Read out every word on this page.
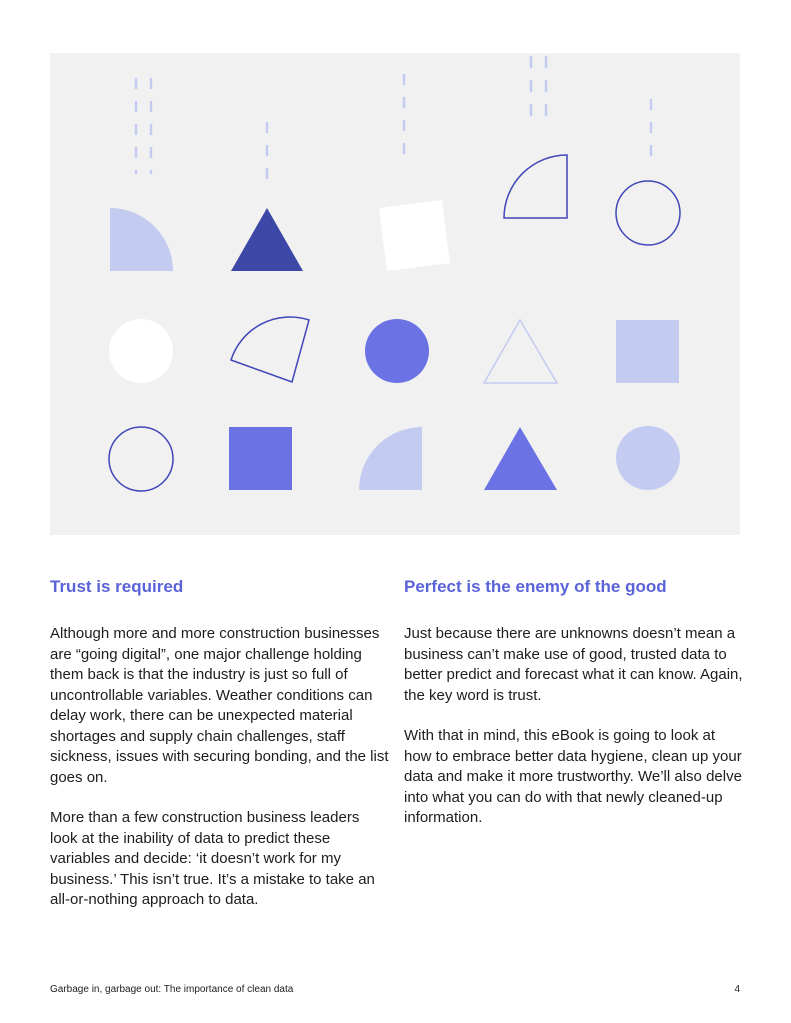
Trust is required

Although more and more construction businesses are “going digital”, one major challenge holding them back is that the industry is just so full of uncontrollable variables. Weather conditions can delay work, there can be unexpected material shortages and supply chain challenges, staff sickness, issues with securing bonding, and the list goes on.

More than a few construction business leaders look at the inability of data to predict these variables and decide: ‘it doesn’t work for my business.’ This isn’t true. It’s a mistake to take an all-or-nothing approach to data.

Perfect is the enemy of the good

Just because there are unknowns doesn’t mean a business can’t make use of good, trusted data to better predict and forecast what it can know. Again, the key word is trust.

With that in mind, this eBook is going to look at how to embrace better data hygiene, clean up your data and make it more trustworthy. We’ll also delve into what you can do with that newly cleaned-up information.

Garbage in, garbage out: The importance of clean data	4
